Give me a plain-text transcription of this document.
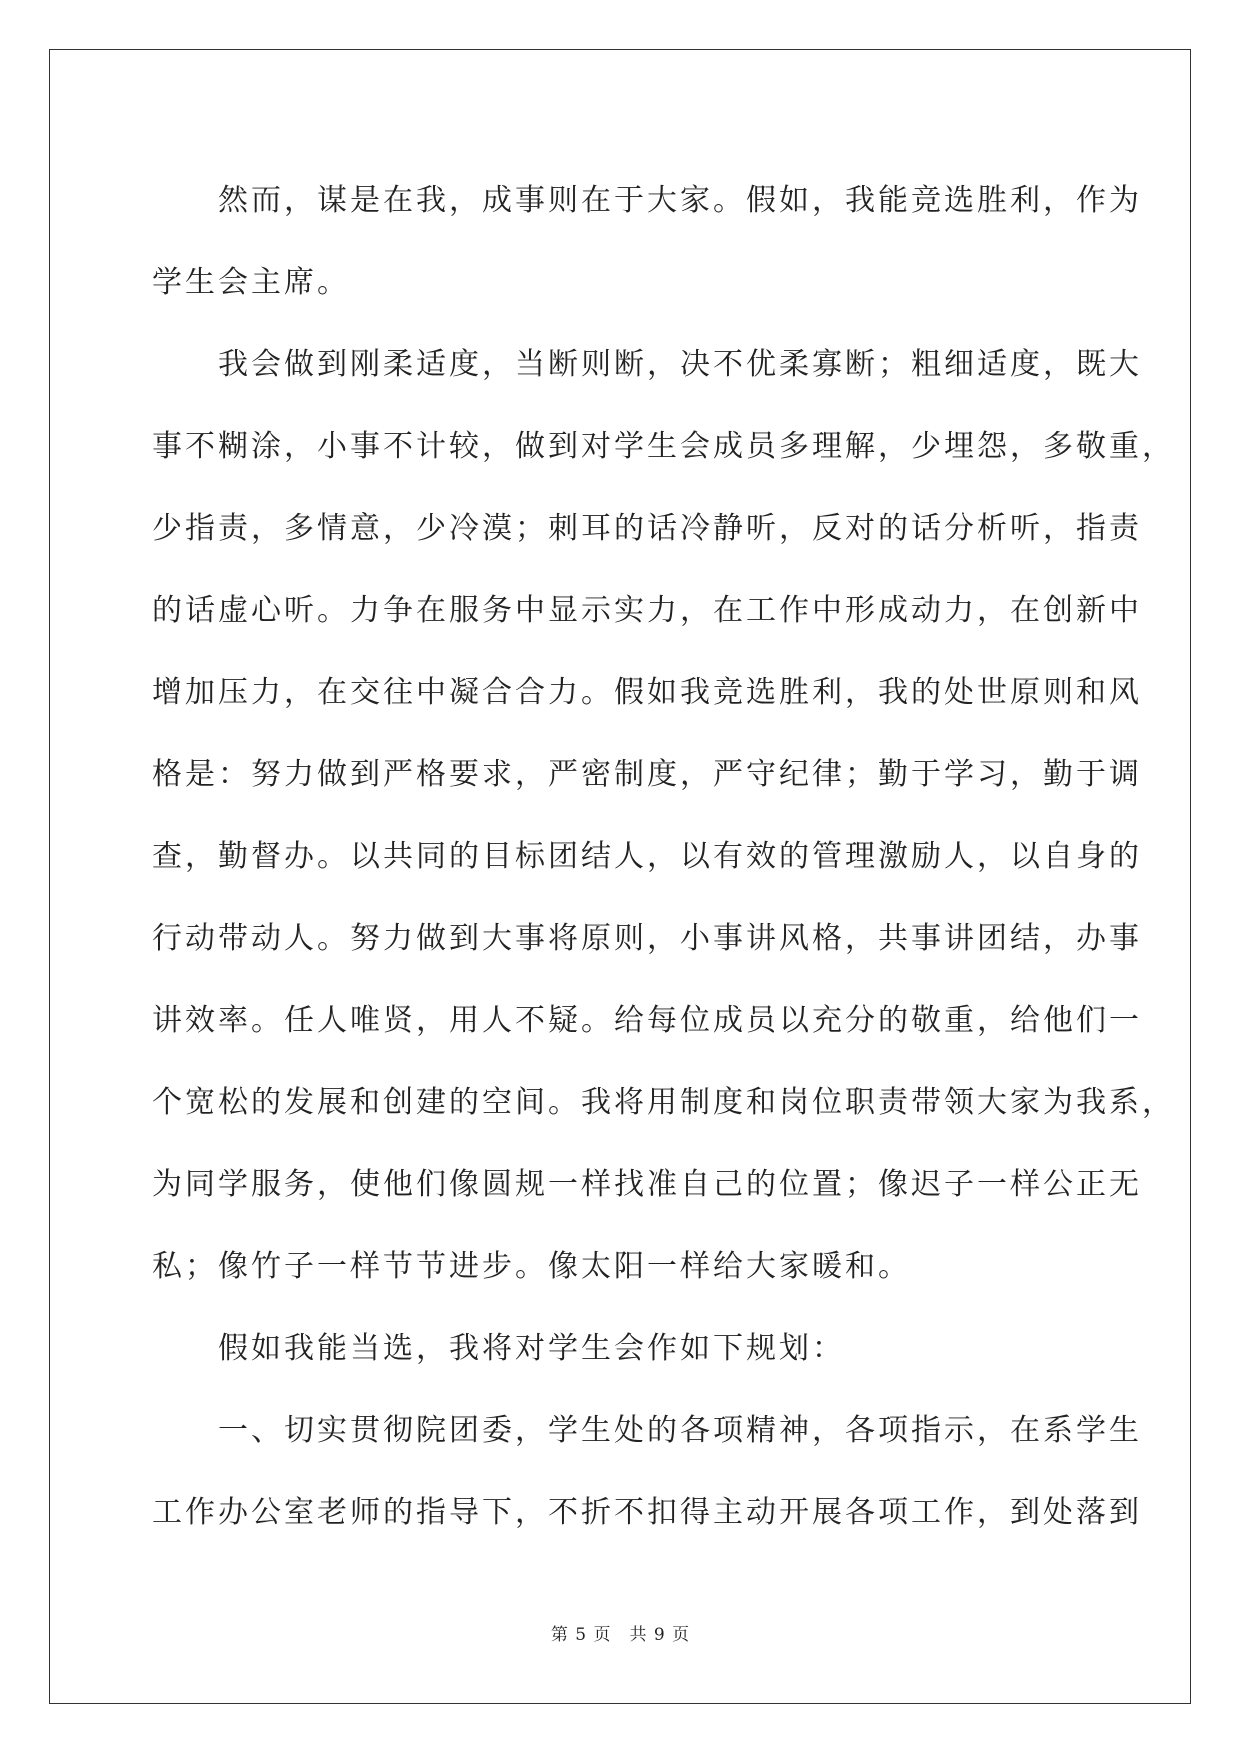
　　然而，谋是在我，成事则在于大家。假如，我能竞选胜利，作为
学生会主席。
　　我会做到刚柔适度，当断则断，决不优柔寡断；粗细适度，既大
事不糊涂，小事不计较，做到对学生会成员多理解，少埋怨，多敬重，
少指责，多情意，少冷漠；刺耳的话冷静听，反对的话分析听，指责
的话虚心听。力争在服务中显示实力，在工作中形成动力，在创新中
增加压力，在交往中凝合合力。假如我竞选胜利，我的处世原则和风
格是：努力做到严格要求，严密制度，严守纪律；勤于学习，勤于调
查，勤督办。以共同的目标团结人，以有效的管理激励人，以自身的
行动带动人。努力做到大事将原则，小事讲风格，共事讲团结，办事
讲效率。任人唯贤，用人不疑。给每位成员以充分的敬重，给他们一
个宽松的发展和创建的空间。我将用制度和岗位职责带领大家为我系，
为同学服务，使他们像圆规一样找准自己的位置；像迟子一样公正无
私；像竹子一样节节进步。像太阳一样给大家暖和。
　　假如我能当选，我将对学生会作如下规划：
　　一、切实贯彻院团委，学生处的各项精神，各项指示，在系学生
工作办公室老师的指导下，不折不扣得主动开展各项工作，到处落到
第 5 页　共 9 页
